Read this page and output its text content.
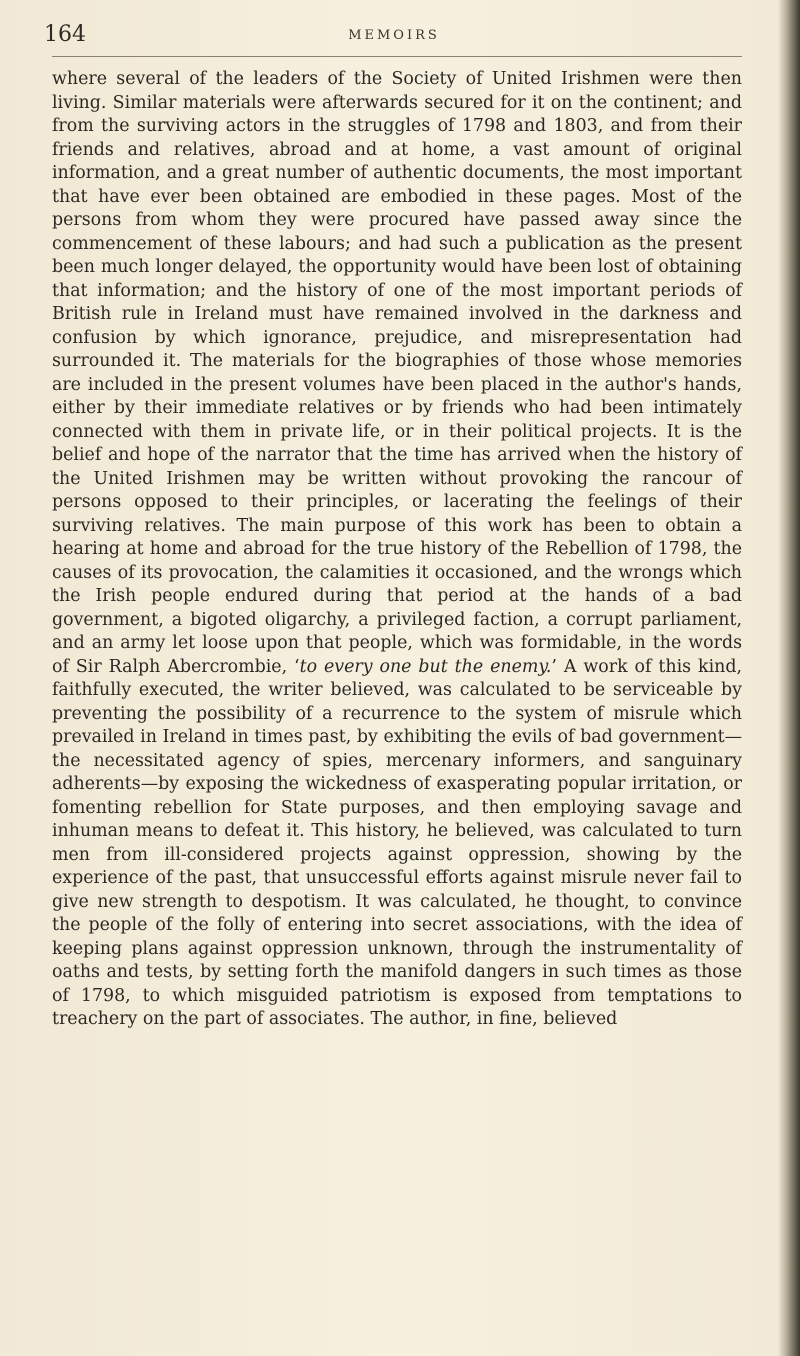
164	MEMOIRS

where several of the leaders of the Society of United Irishmen were then living. Similar materials were afterwards secured for it on the continent; and from the surviving actors in the struggles of 1798 and 1803, and from their friends and relatives, abroad and at home, a vast amount of original information, and a great number of authentic documents, the most important that have ever been obtained are embodied in these pages. Most of the persons from whom they were procured have passed away since the commencement of these labours; and had such a publication as the present been much longer delayed, the opportunity would have been lost of obtaining that information; and the history of one of the most important periods of British rule in Ireland must have remained involved in the darkness and confusion by which ignorance, prejudice, and misrepresentation had surrounded it. The materials for the biographies of those whose memories are included in the present volumes have been placed in the author's hands, either by their immediate relatives or by friends who had been intimately connected with them in private life, or in their political projects. It is the belief and hope of the narrator that the time has arrived when the history of the United Irishmen may be written without provoking the rancour of persons opposed to their principles, or lacerating the feelings of their surviving relatives. The main purpose of this work has been to obtain a hearing at home and abroad for the true history of the Rebellion of 1798, the causes of its provocation, the calamities it occasioned, and the wrongs which the Irish people endured during that period at the hands of a bad government, a bigoted oligarchy, a privileged faction, a corrupt parliament, and an army let loose upon that people, which was formidable, in the words of Sir Ralph Abercrombie, ‘to every one but the enemy.’ A work of this kind, faithfully executed, the writer believed, was calculated to be serviceable by preventing the possibility of a recurrence to the system of misrule which prevailed in Ireland in times past, by exhibiting the evils of bad government—the necessitated agency of spies, mercenary informers, and sanguinary adherents—by exposing the wickedness of exasperating popular irritation, or fomenting rebellion for State purposes, and then employing savage and inhuman means to defeat it. This history, he believed, was calculated to turn men from ill-considered projects against oppression, showing by the experience of the past, that unsuccessful efforts against misrule never fail to give new strength to despotism. It was calculated, he thought, to convince the people of the folly of entering into secret associations, with the idea of keeping plans against oppression unknown, through the instrumentality of oaths and tests, by setting forth the manifold dangers in such times as those of 1798, to which misguided patriotism is exposed from temptations to treachery on the part of associates. The author, in fine, believed
